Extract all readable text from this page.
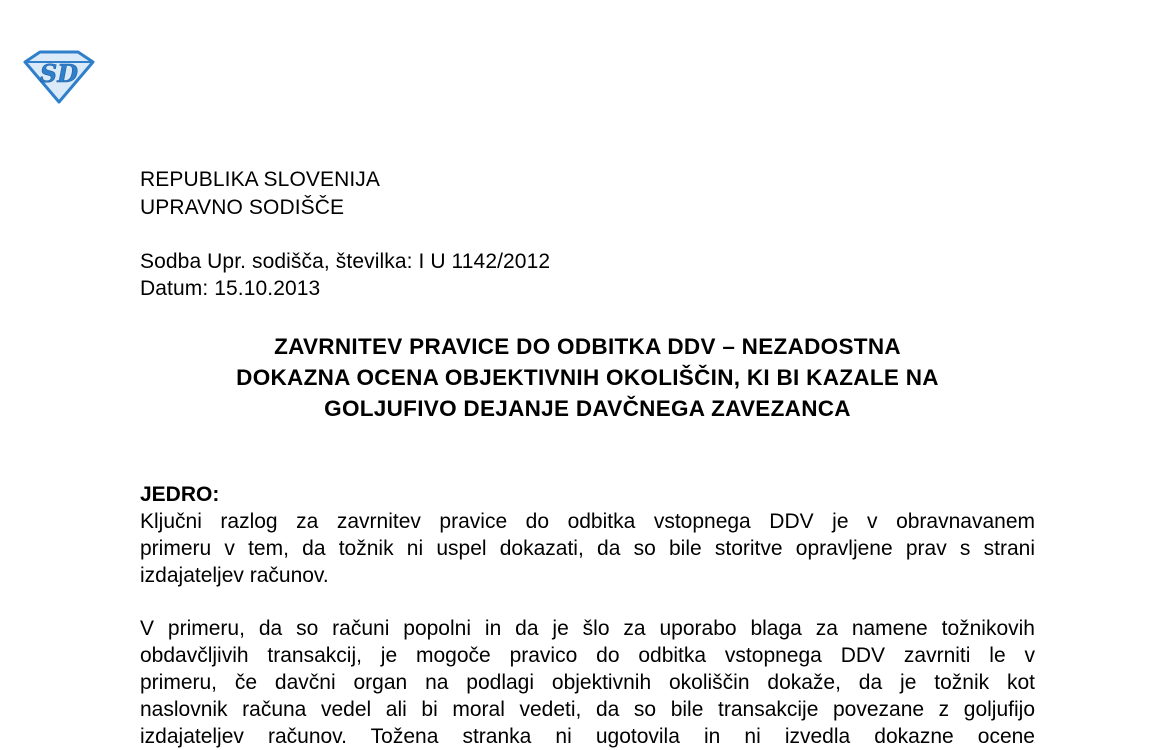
SD
REPUBLIKA SLOVENIJA
UPRAVNO SODIŠČE
Sodba Upr. sodišča, številka: I U 1142/2012
Datum: 15.10.2013
ZAVRNITEV PRAVICE DO ODBITKA DDV – NEZADOSTNA
DOKAZNA OCENA OBJEKTIVNIH OKOLIŠČIN, KI BI KAZALE NA
GOLJUFIVO DEJANJE DAVČNEGA ZAVEZANCA
JEDRO:
Ključni razlog za zavrnitev pravice do odbitka vstopnega DDV je v obravnavanem
primeru v tem, da tožnik ni uspel dokazati, da so bile storitve opravljene prav s strani
izdajateljev računov.
V primeru, da so računi popolni in da je šlo za uporabo blaga za namene tožnikovih
obdavčljivih transakcij, je mogoče pravico do odbitka vstopnega DDV zavrniti le v
primeru, če davčni organ na podlagi objektivnih okoliščin dokaže, da je tožnik kot
naslovnik računa vedel ali bi moral vedeti, da so bile transakcije povezane z goljufijo
izdajateljev računov. Tožena stranka ni ugotovila in ni izvedla dokazne ocene
